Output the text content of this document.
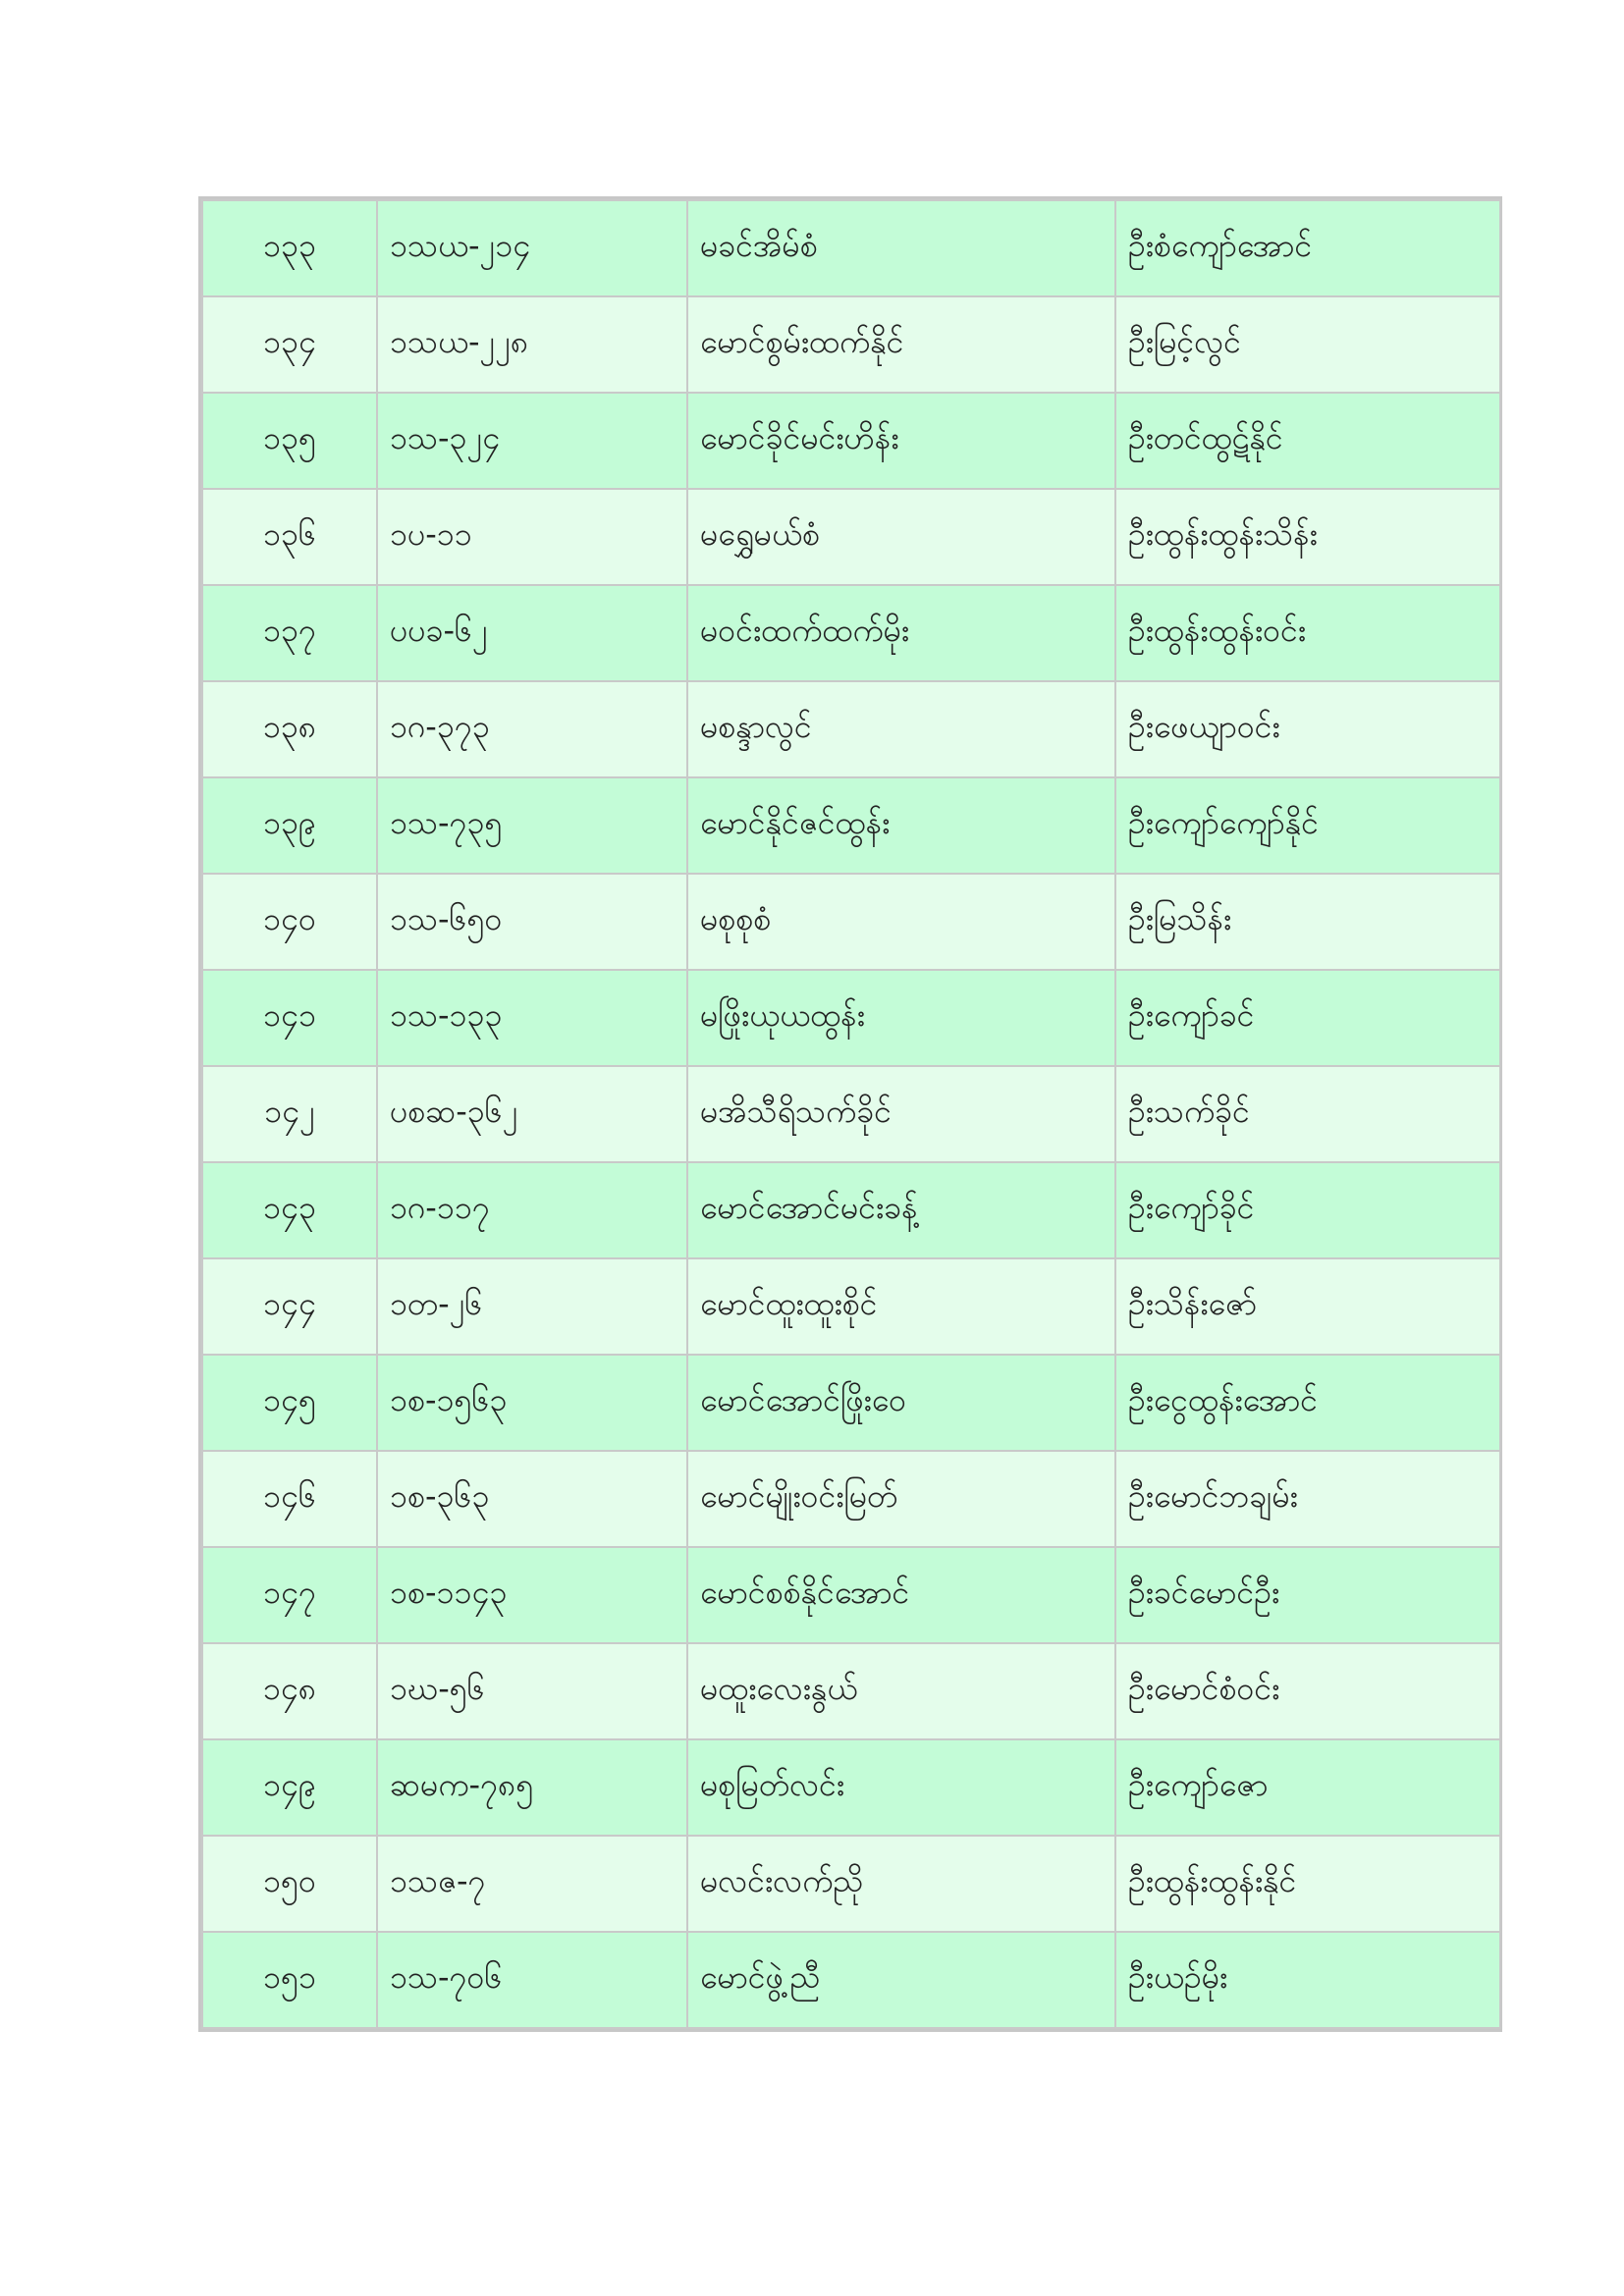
၁၃၃	၁သယ-၂၁၄	မခင်အိမ်စံ	ဦးစံကျော်အောင်
၁၃၄	၁သယ-၂၂၈	မောင်စွမ်းထက်နိုင်	ဦးမြင့်လွင်
၁၃၅	၁သ-၃၂၄	မောင်ခိုင်မင်းဟိန်း	ဦးတင်ထွဋ်နိုင်
၁၃၆	၁ပ-၁၁	မရွှေမယ်စံ	ဦးထွန်းထွန်းသိန်း
၁၃၇	ပပခ-၆၂	မဝင်းထက်ထက်မိုး	ဦးထွန်းထွန်းဝင်း
၁၃၈	၁ဂ-၃၇၃	မစန္ဒာလွင်	ဦးဖေယျာဝင်း
၁၃၉	၁သ-၇၃၅	မောင်နိုင်ဇင်ထွန်း	ဦးကျော်ကျော်နိုင်
၁၄၀	၁သ-၆၅၀	မစုစုစံ	ဦးမြသိန်း
၁၄၁	၁သ-၁၃၃	မဖြိုးယုယထွန်း	ဦးကျော်ခင်
၁၄၂	ပစဆ-၃၆၂	မအိသီရိသက်ခိုင်	ဦးသက်ခိုင်
၁၄၃	၁ဂ-၁၁၇	မောင်အောင်မင်းခန့်	ဦးကျော်ခိုင်
၁၄၄	၁တ-၂၆	မောင်ထူးထူးစိုင်	ဦးသိန်းဇော်
၁၄၅	၁စ-၁၅၆၃	မောင်အောင်ဖြိုးဝေ	ဦးငွေထွန်းအောင်
၁၄၆	၁စ-၃၆၃	မောင်မျိုးဝင်းမြတ်	ဦးမောင်ဘချမ်း
၁၄၇	၁စ-၁၁၄၃	မောင်စစ်နိုင်အောင်	ဦးခင်မောင်ဦး
၁၄၈	၁ဃ-၅၆	မထူးလေးနွယ်	ဦးမောင်စံဝင်း
၁၄၉	ဆမက-၇၈၅	မစုမြတ်လင်း	ဦးကျော်ဇော
၁၅၀	၁သဇ-၇	မလင်းလက်ညို	ဦးထွန်းထွန်းနိုင်
၁၅၁	၁သ-၇၀၆	မောင်ဖွဲ့ညီ	ဦးယဉ်မိုး
